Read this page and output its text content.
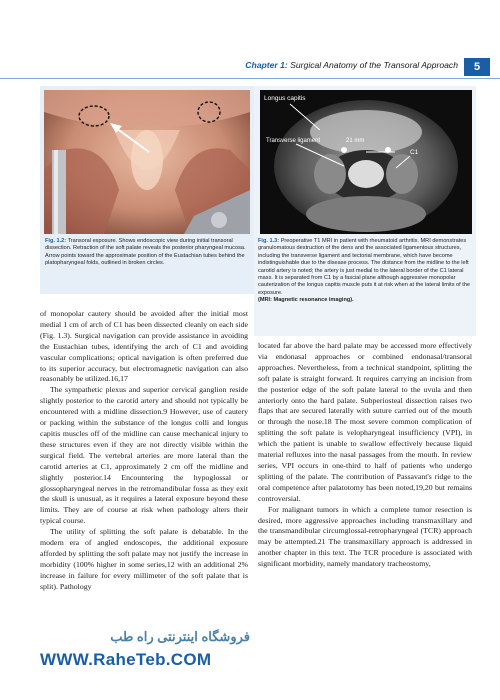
Chapter 1: Surgical Anatomy of the Transoral Approach	5
Fig. 1.2: Transoral exposure. Shows endoscopic view during initial transoral dissection. Retraction of the soft palate reveals the posterior pharyngeal mucosa. Arrow points toward the approximate position of the Eustachian tubes behind the platopharyngeal folds, outlined in broken circles.
Longus capitis
21 mm
Transverse ligament
C1
Fig. 1.3: Preoperative T1 MRI in patient with rheumatoid arthritis. MRI demonstrates granulomatous destruction of the dens and the associated ligamentous structures, including the transverse ligament and tectorial membrane, which have become indistinguishable due to the disease process. The distance from the midline to the left carotid artery is noted; the artery is just medial to the lateral border of the C1 lateral mass. It is separated from C1 by a fascial plane although aggressive monopolar cauterization of the longus capitis muscle puts it at risk when at the lateral limits of the exposure.
(MRI: Magnetic resonance imaging).

of monopolar cautery should be avoided after the initial most medial 1 cm of arch of C1 has been dissected cleanly on each side (Fig. 1.3). Surgical navigation can provide assistance in avoiding the Eustachian tubes, identifying the arch of C1 and avoiding vascular complications; optical navigation is often preferred due to its superior accuracy, but electromagnetic navigation can also reasonably be utilized.16,17

The sympathetic plexus and superior cervical ganglion reside slightly posterior to the carotid artery and should not typically be encountered with a midline dissection.9 However, use of cautery or packing within the substance of the longus colli and longus capitis muscles off of the midline can cause mechanical injury to these structures even if they are not directly visible within the surgical field. The vertebral arteries are more lateral than the carotid arteries at C1, approximately 2 cm off the midline and slightly posterior.14 Encountering the hypoglossal or glossopharyngeal nerves in the retromandibular fossa as they exit the skull is unusual, as it requires a lateral exposure beyond these limits. They are of course at risk when pathology alters their typical course.

The utility of splitting the soft palate is debatable. In the modern era of angled endoscopes, the additional exposure afforded by splitting the soft palate may not justify the increase in morbidity (100% higher in some series,12 with an additional 2% increase in failure for every millimeter of the soft palate that is split). Pathology

located far above the hard palate may be accessed more effectively via endonasal approaches or combined endonasal/transoral approaches. Nevertheless, from a technical standpoint, splitting the soft palate is straight forward. It requires carrying an incision from the posterior edge of the soft palate lateral to the uvula and then anteriorly onto the hard palate. Subperiosteal dissection raises two flaps that are secured laterally with suture carried out of the mouth or through the nose.18 The most severe common complication of splitting the soft palate is velopharyngeal insufficiency (VPI), in which the patient is unable to swallow effectively because liquid material refluxes into the nasal passages from the mouth. In review series, VPI occurs in one-third to half of patients who undergo splitting of the palate. The contribution of Passavant's ridge to the oral competence after palatotomy has been noted,19,20 but remains controversial.

For malignant tumors in which a complete tumor resection is desired, more aggressive approaches including transmaxillary and the transmandibular circumglossal-retropharyngeal (TCR) approach may be attempted.21 The transmaxillary approach is addressed in another chapter in this text. The TCR procedure is associated with significant morbidity, namely mandatory tracheostomy,

فروشگاه اینترنتی راه طب
WWW.RaheTeb.COM
